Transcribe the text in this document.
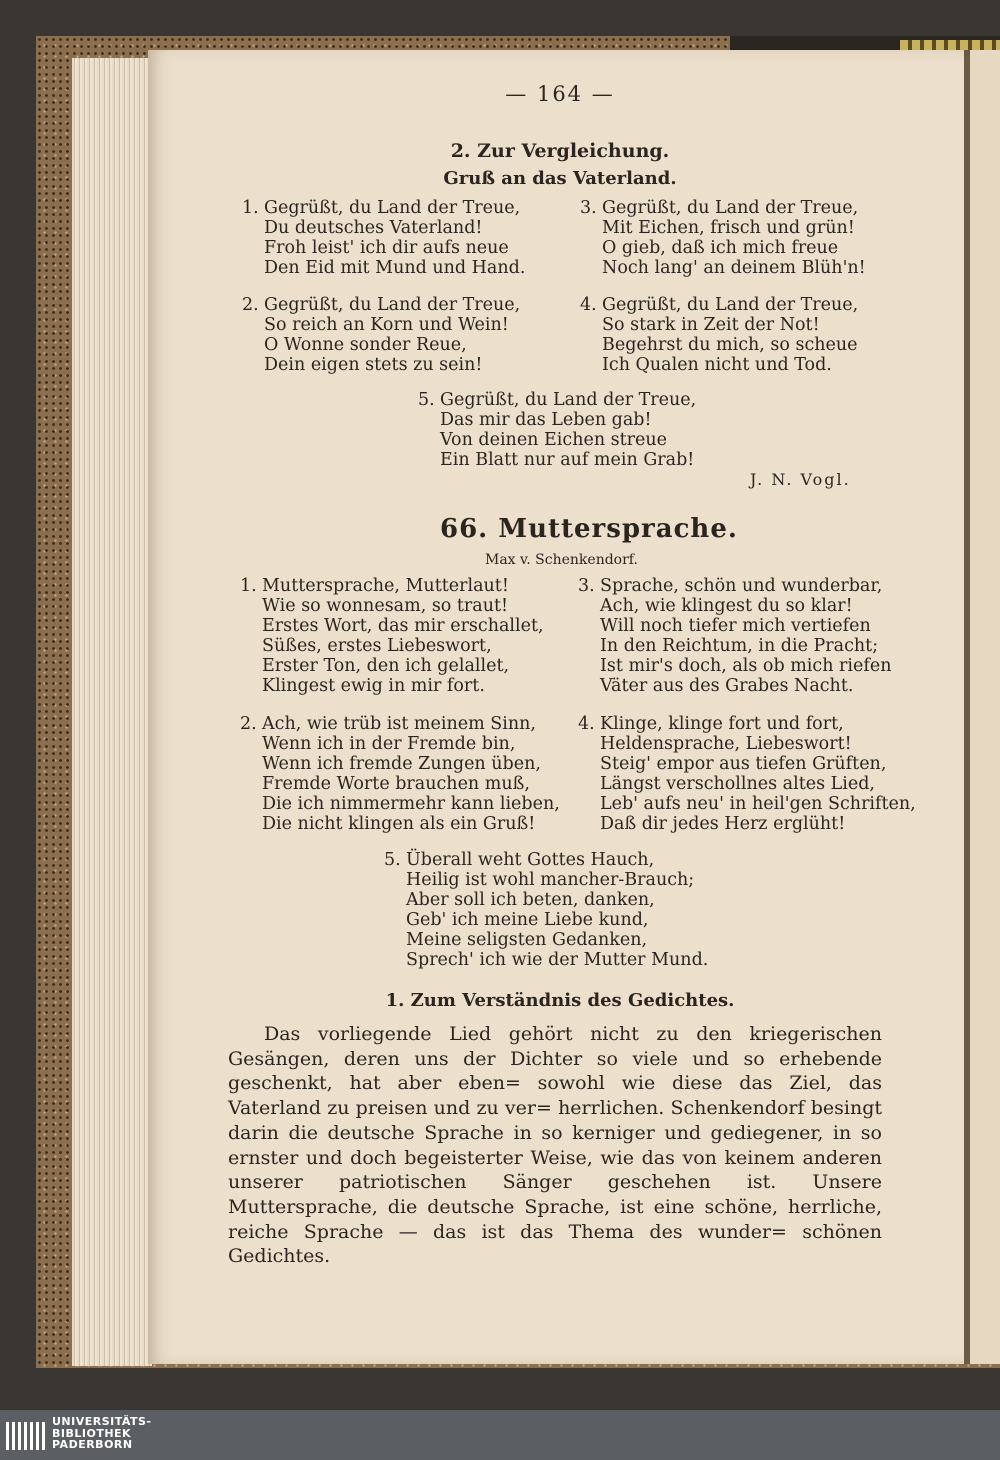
— 164 —
2. Zur Vergleichung.
Gruß an das Vaterland.
1. Gegrüßt, du Land der Treue,
Du deutsches Vaterland!
Froh leist' ich dir aufs neue
Den Eid mit Mund und Hand.
2. Gegrüßt, du Land der Treue,
So reich an Korn und Wein!
O Wonne sonder Reue,
Dein eigen stets zu sein!
3. Gegrüßt, du Land der Treue,
Mit Eichen, frisch und grün!
O gieb, daß ich mich freue
Noch lang' an deinem Blüh'n!
4. Gegrüßt, du Land der Treue,
So stark in Zeit der Not!
Begehrst du mich, so scheue
Ich Qualen nicht und Tod.
5. Gegrüßt, du Land der Treue,
Das mir das Leben gab!
Von deinen Eichen streue
Ein Blatt nur auf mein Grab!
J. N. Vogl.
66. Muttersprache.
Max v. Schenkendorf.
1. Muttersprache, Mutterlaut!
Wie so wonnesam, so traut!
Erstes Wort, das mir erschallet,
Süßes, erstes Liebeswort,
Erster Ton, den ich gelallet,
Klingest ewig in mir fort.
2. Ach, wie trüb ist meinem Sinn,
Wenn ich in der Fremde bin,
Wenn ich fremde Zungen üben,
Fremde Worte brauchen muß,
Die ich nimmermehr kann lieben,
Die nicht klingen als ein Gruß!
3. Sprache, schön und wunderbar,
Ach, wie klingest du so klar!
Will noch tiefer mich vertiefen
In den Reichtum, in die Pracht;
Ist mir's doch, als ob mich riefen
Väter aus des Grabes Nacht.
4. Klinge, klinge fort und fort,
Heldensprache, Liebeswort!
Steig' empor aus tiefen Grüften,
Längst verschollnes altes Lied,
Leb' aufs neu' in heil'gen Schriften,
Daß dir jedes Herz erglüht!
5. Überall weht Gottes Hauch,
Heilig ist wohl mancher-Brauch;
Aber soll ich beten, danken,
Geb' ich meine Liebe kund,
Meine seligsten Gedanken,
Sprech' ich wie der Mutter Mund.
1. Zum Verständnis des Gedichtes.
Das vorliegende Lied gehört nicht zu den kriegerischen Gesängen, deren uns der Dichter so viele und so erhebende geschenkt, hat aber eben= sowohl wie diese das Ziel, das Vaterland zu preisen und zu ver= herrlichen. Schenkendorf besingt darin die deutsche Sprache in so kerniger und gediegener, in so ernster und doch begeisterter Weise, wie das von keinem anderen unserer patriotischen Sänger geschehen ist. Unsere Muttersprache, die deutsche Sprache, ist eine schöne, herrliche, reiche Sprache — das ist das Thema des wunder= schönen Gedichtes.
UNIVERSITÄTS-
BIBLIOTHEK
PADERBORN
